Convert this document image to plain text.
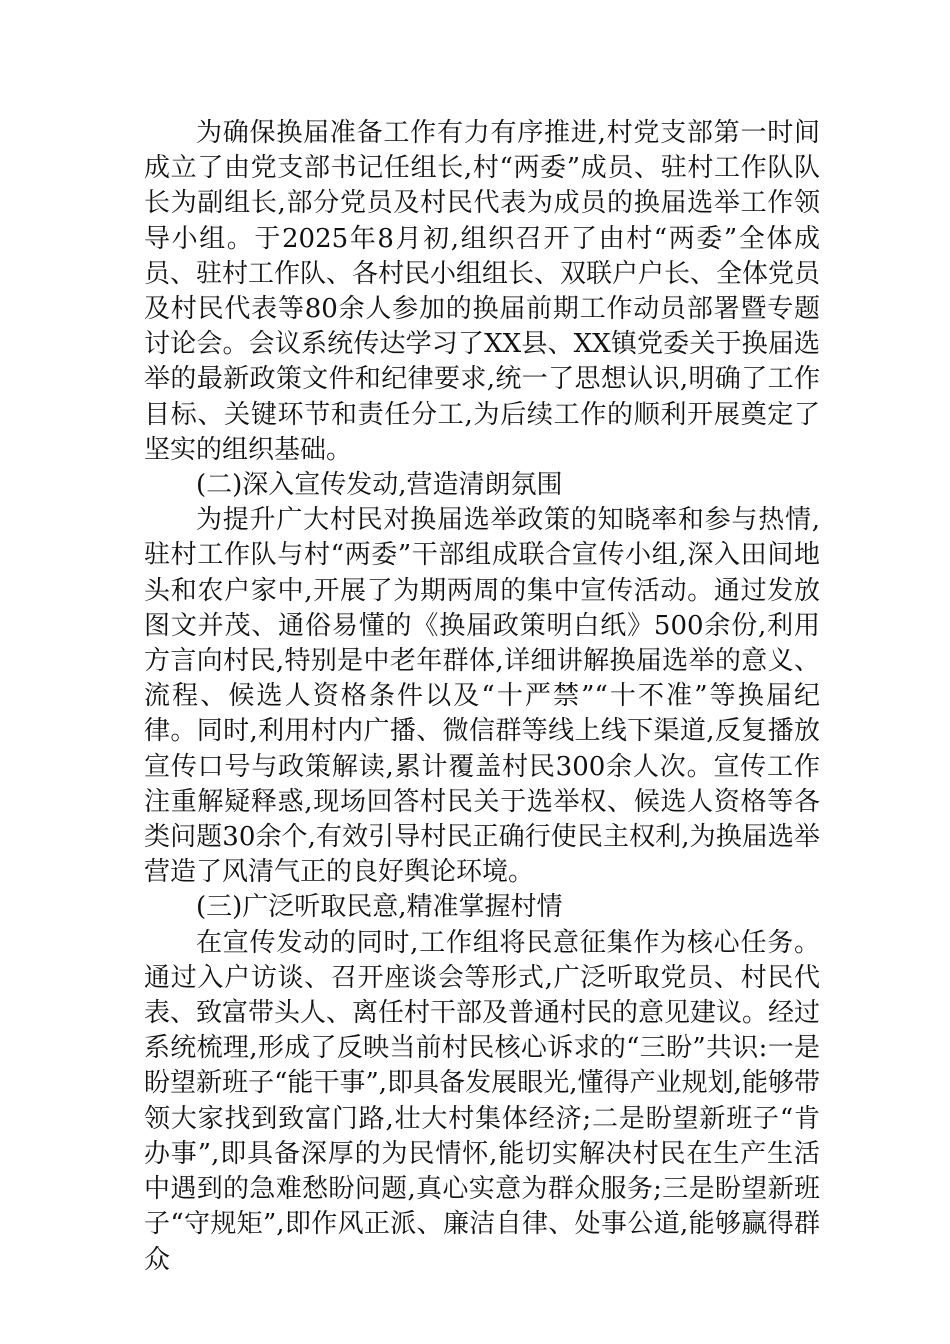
为确保换届准备工作有力有序推进,村党支部第一时间成立了由党支部书记任组长,村“两委”成员、驻村工作队队长为副组长,部分党员及村民代表为成员的换届选举工作领导小组。于2025年8月初,组织召开了由村“两委”全体成员、驻村工作队、各村民小组组长、双联户户长、全体党员及村民代表等80余人参加的换届前期工作动员部署暨专题讨论会。会议系统传达学习了XX县、XX镇党委关于换届选举的最新政策文件和纪律要求,统一了思想认识,明确了工作目标、关键环节和责任分工,为后续工作的顺利开展奠定了坚实的组织基础。

(二)深入宣传发动,营造清朗氛围

为提升广大村民对换届选举政策的知晓率和参与热情,驻村工作队与村“两委”干部组成联合宣传小组,深入田间地头和农户家中,开展了为期两周的集中宣传活动。通过发放图文并茂、通俗易懂的《换届政策明白纸》500余份,利用方言向村民,特别是中老年群体,详细讲解换届选举的意义、流程、候选人资格条件以及“十严禁”“十不准”等换届纪律。同时,利用村内广播、微信群等线上线下渠道,反复播放宣传口号与政策解读,累计覆盖村民300余人次。宣传工作注重解疑释惑,现场回答村民关于选举权、候选人资格等各类问题30余个,有效引导村民正确行使民主权利,为换届选举营造了风清气正的良好舆论环境。

(三)广泛听取民意,精准掌握村情

在宣传发动的同时,工作组将民意征集作为核心任务。通过入户访谈、召开座谈会等形式,广泛听取党员、村民代表、致富带头人、离任村干部及普通村民的意见建议。经过系统梳理,形成了反映当前村民核心诉求的“三盼”共识:一是盼望新班子“能干事”,即具备发展眼光,懂得产业规划,能够带领大家找到致富门路,壮大村集体经济;二是盼望新班子“肯办事”,即具备深厚的为民情怀,能切实解决村民在生产生活中遇到的急难愁盼问题,真心实意为群众服务;三是盼望新班子“守规矩”,即作风正派、廉洁自律、处事公道,能够赢得群众
